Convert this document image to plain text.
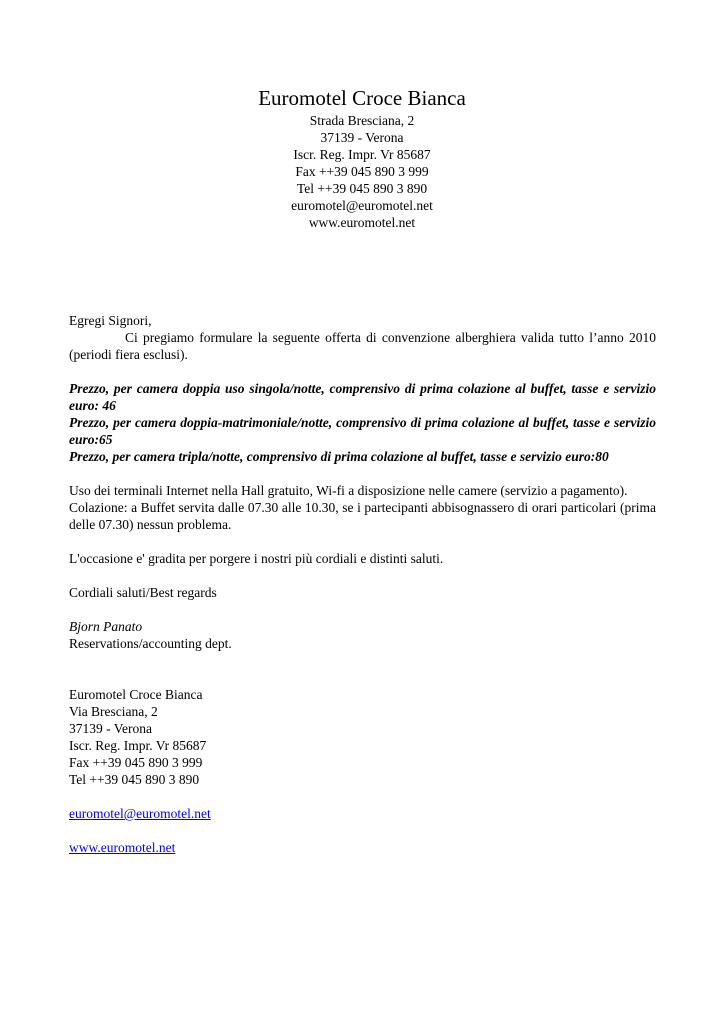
Euromotel Croce Bianca

Strada Bresciana, 2

37139 - Verona

Iscr. Reg. Impr. Vr 85687

Fax ++39 045 890 3 999

Tel ++39 045 890 3 890

euromotel@euromotel.net

www.euromotel.net

Egregi Signori,

Ci pregiamo formulare la seguente offerta di convenzione alberghiera valida tutto l’anno 2010 (periodi fiera esclusi).

Prezzo, per camera doppia uso singola/notte, comprensivo di prima colazione al buffet, tasse e servizio euro: 46

Prezzo, per camera doppia-matrimoniale/notte, comprensivo di prima colazione al buffet, tasse e servizio euro:65

Prezzo, per camera tripla/notte, comprensivo di prima colazione al buffet, tasse e servizio euro:80

Uso dei terminali Internet nella Hall gratuito, Wi-fi a disposizione nelle camere (servizio a pagamento).

Colazione: a Buffet servita dalle 07.30 alle 10.30, se i partecipanti abbisognassero di orari particolari (prima delle 07.30) nessun problema.

L'occasione e' gradita per porgere i nostri più cordiali e distinti saluti.

Cordiali saluti/Best regards

Bjorn Panato

Reservations/accounting dept.

Euromotel Croce Bianca

Via Bresciana, 2

37139 - Verona

Iscr. Reg. Impr. Vr 85687

Fax ++39 045 890 3 999

Tel ++39 045 890 3 890

euromotel@euromotel.net

www.euromotel.net
